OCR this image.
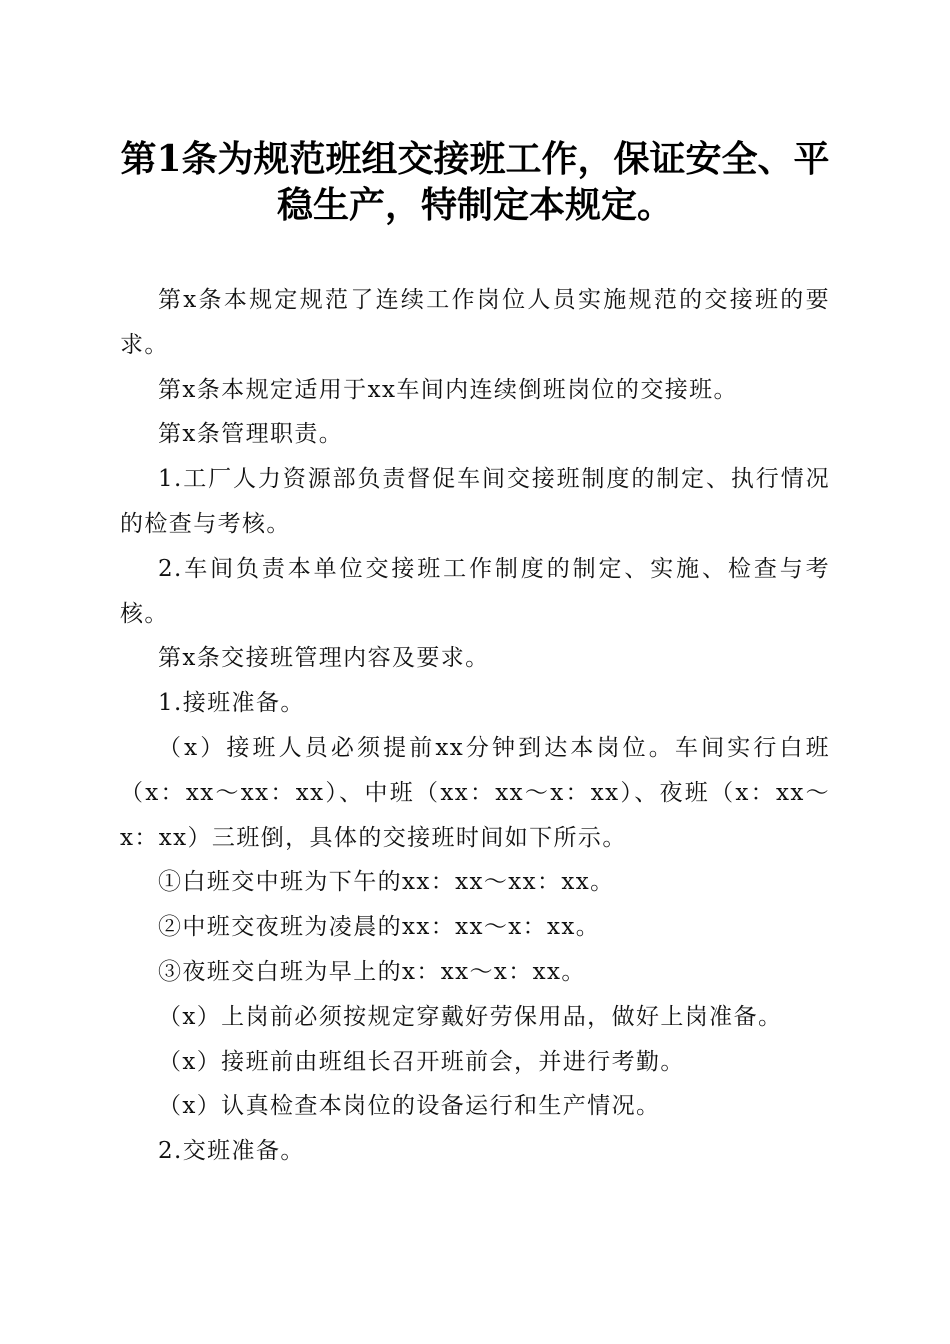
第1条为规范班组交接班工作，保证安全、平稳生产，特制定本规定。

第x条本规定规范了连续工作岗位人员实施规范的交接班的要求。

第x条本规定适用于xx车间内连续倒班岗位的交接班。

第x条管理职责。

1.工厂人力资源部负责督促车间交接班制度的制定、执行情况的检查与考核。

2.车间负责本单位交接班工作制度的制定、实施、检查与考核。

第x条交接班管理内容及要求。

1.接班准备。

（x）接班人员必须提前xx分钟到达本岗位。车间实行白班（x：xx～xx：xx）、中班（xx：xx～x：xx）、夜班（x：xx～x：xx）三班倒，具体的交接班时间如下所示。

①白班交中班为下午的xx：xx～xx：xx。

②中班交夜班为凌晨的xx：xx～x：xx。

③夜班交白班为早上的x：xx～x：xx。

（x）上岗前必须按规定穿戴好劳保用品，做好上岗准备。

（x）接班前由班组长召开班前会，并进行考勤。

（x）认真检查本岗位的设备运行和生产情况。

2.交班准备。
